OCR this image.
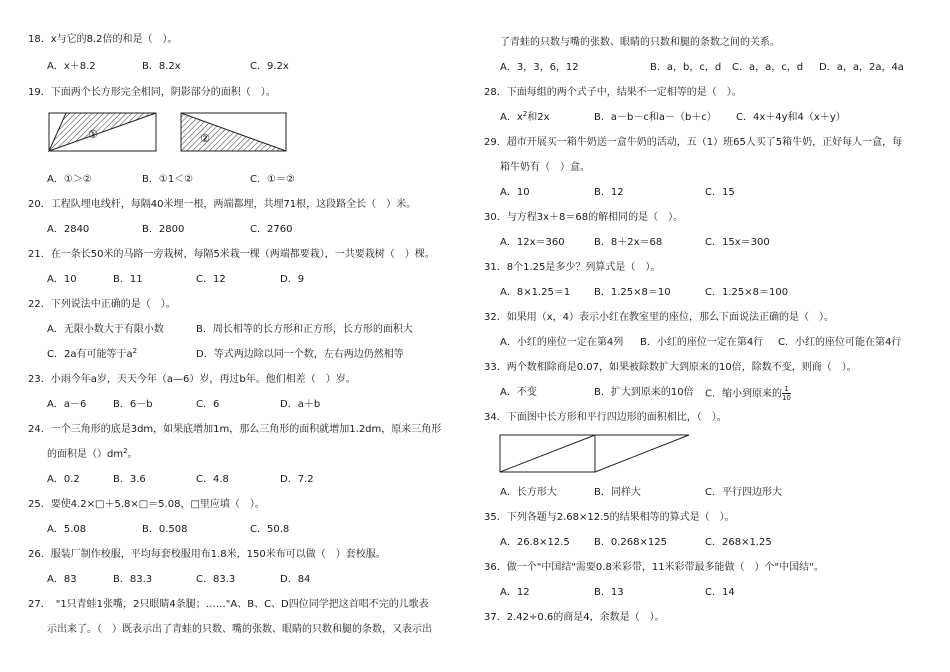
18．x与它的8.2倍的和是（　）。
A．x＋8.2	B．8.2x	C．9.2x
19．下面两个长方形完全相同，阴影部分的面积（　）。
①	②
A．①＞②	B．①1＜②	C．①＝②
20．工程队埋电线杆，每隔40米埋一根，两端都埋，共埋71根，这段路全长（　）米。
A．2840	B．2800	C．2760
21．在一条长50米的马路一旁栽树，每隔5米栽一棵（两端都要栽），一共要栽树（　）棵。
A．10	B．11	C．12	D．9
22．下列说法中正确的是（　）。
A．无限小数大于有限小数	B．周长相等的长方形和正方形，长方形的面积大
C．2a有可能等于$a^2$	D．等式两边除以同一个数，左右两边仍然相等
23．小雨今年a岁，天天今年（a—6）岁，再过b年。他们相差（　）岁。
A．a－6	B．6－b	C．6	D．a＋b
24．一个三角形的底是3dm，如果底增加1m，那么三角形的面积就增加1.2dm，原来三角形
的面积是$()dm^2$。
A．0.2	B．3.6	C．4.8	D．7.2
25．要使4.2×□＋5.8×□＝5.08，□里应填（　）。
A．5.08	B．0.508	C．50.8
26．服装厂制作校服，平均每套校服用布1.8米，150米布可以做（　）套校服。
A．83	B．83.3	C．83.3	D．84
27．　"1只青蛙1张嘴，2只眼睛4条腿；……"A、B、C、D四位同学把这首唱不完的儿歌表
示出来了。（　）既表示出了青蛙的只数、嘴的张数、眼睛的只数和腿的条数，又表示出
了青蛙的只数与嘴的张数、眼睛的只数和腿的条数之间的关系。
A．3，3，6，12	B．a，b，c，d C．a，a，c，d D．a，a，2a，4a
28．下面每组的两个式子中，结果不一定相等的是（　）。
A．$x^2$和2x	B．a－b－c和a－（b＋c） C．4x＋4y和4（x＋y）
29．超市开展买一箱牛奶送一盒牛奶的活动，五（1）班65人买了5箱牛奶，正好每人一盒，每
箱牛奶有（　）盒。
A．10	B．12	C．15
30．与方程3x＋8＝68的解相同的是（　）。
A．12x＝360	B．8＋2x＝68	C．15x＝300
31．8个1.25是多少？列算式是（　）。
A．8×1.25＝1 B．1.25×8＝10	C．1.25×8＝100
32．如果用（x，4）表示小红在教室里的座位，那么下面说法正确的是（　）。
A．小红的座位一定在第4列 B．小红的座位一定在第4行 C．小红的座位可能在第4行
33．两个数相除商是0.07，如果被除数扩大到原来的10倍，除数不变，则商（　）。
A．不变	B．扩大到原来的10倍 C．缩小到原来的 $\frac{1}{10}$
34．下面图中长方形和平行四边形的面积相比，（　）。
A．长方形大	B．同样大	C．平行四边形大
35．下列各题与2.68×12.5的结果相等的算式是（　）。
A．26.8×12.5 B．0.268×125	C．268×1.25
36．做一个"中国结"需要0.8米彩带，11米彩带最多能做（　）个"中国结"。
A．12	B．13	C．14
37．2.42÷0.6的商是4，余数是（　）。
